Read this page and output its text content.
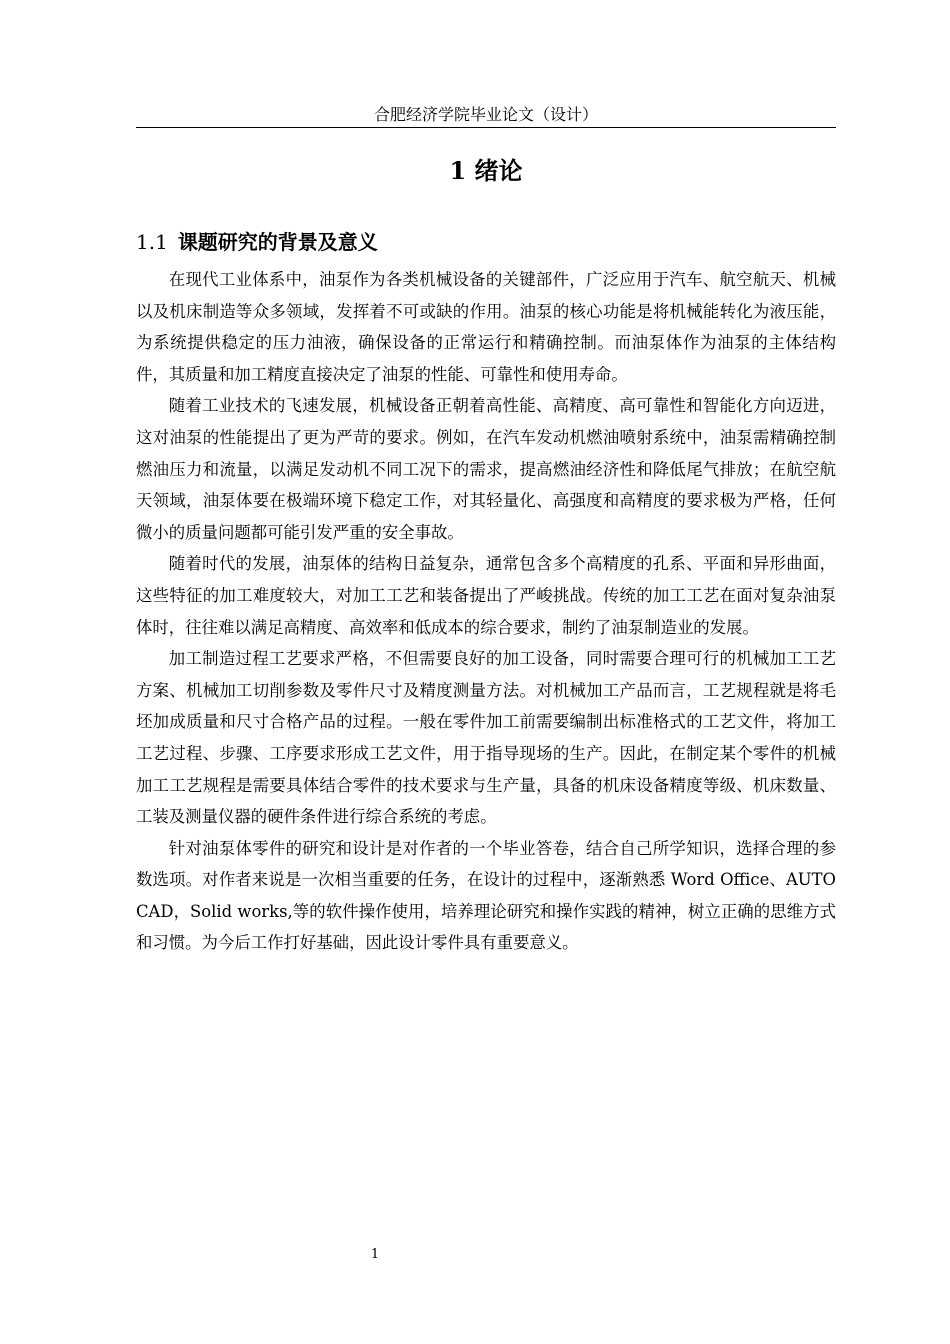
合肥经济学院毕业论文（设计）
1 绪论
1.1 课题研究的背景及意义

在现代工业体系中，油泵作为各类机械设备的关键部件，广泛应用于汽车、航空航天、机械以及机床制造等众多领域，发挥着不可或缺的作用。油泵的核心功能是将机械能转化为液压能，为系统提供稳定的压力油液，确保设备的正常运行和精确控制。而油泵体作为油泵的主体结构件，其质量和加工精度直接决定了油泵的性能、可靠性和使用寿命。

随着工业技术的飞速发展，机械设备正朝着高性能、高精度、高可靠性和智能化方向迈进，这对油泵的性能提出了更为严苛的要求。例如，在汽车发动机燃油喷射系统中，油泵需精确控制燃油压力和流量，以满足发动机不同工况下的需求，提高燃油经济性和降低尾气排放；在航空航天领域，油泵体要在极端环境下稳定工作，对其轻量化、高强度和高精度的要求极为严格，任何微小的质量问题都可能引发严重的安全事故。

随着时代的发展，油泵体的结构日益复杂，通常包含多个高精度的孔系、平面和异形曲面，这些特征的加工难度较大，对加工工艺和装备提出了严峻挑战。传统的加工工艺在面对复杂油泵体时，往往难以满足高精度、高效率和低成本的综合要求，制约了油泵制造业的发展。

加工制造过程工艺要求严格，不但需要良好的加工设备，同时需要合理可行的机械加工工艺方案、机械加工切削参数及零件尺寸及精度测量方法。对机械加工产品而言，工艺规程就是将毛坯加成质量和尺寸合格产品的过程。一般在零件加工前需要编制出标准格式的工艺文件，将加工工艺过程、步骤、工序要求形成工艺文件，用于指导现场的生产。因此，在制定某个零件的机械加工工艺规程是需要具体结合零件的技术要求与生产量，具备的机床设备精度等级、机床数量、工装及测量仪器的硬件条件进行综合系统的考虑。

针对油泵体零件的研究和设计是对作者的一个毕业答卷，结合自己所学知识，选择合理的参数选项。对作者来说是一次相当重要的任务，在设计的过程中，逐渐熟悉 Word Office、AUTO CAD，Solid works,等的软件操作使用，培养理论研究和操作实践的精神，树立正确的思维方式和习惯。为今后工作打好基础，因此设计零件具有重要意义。

1
